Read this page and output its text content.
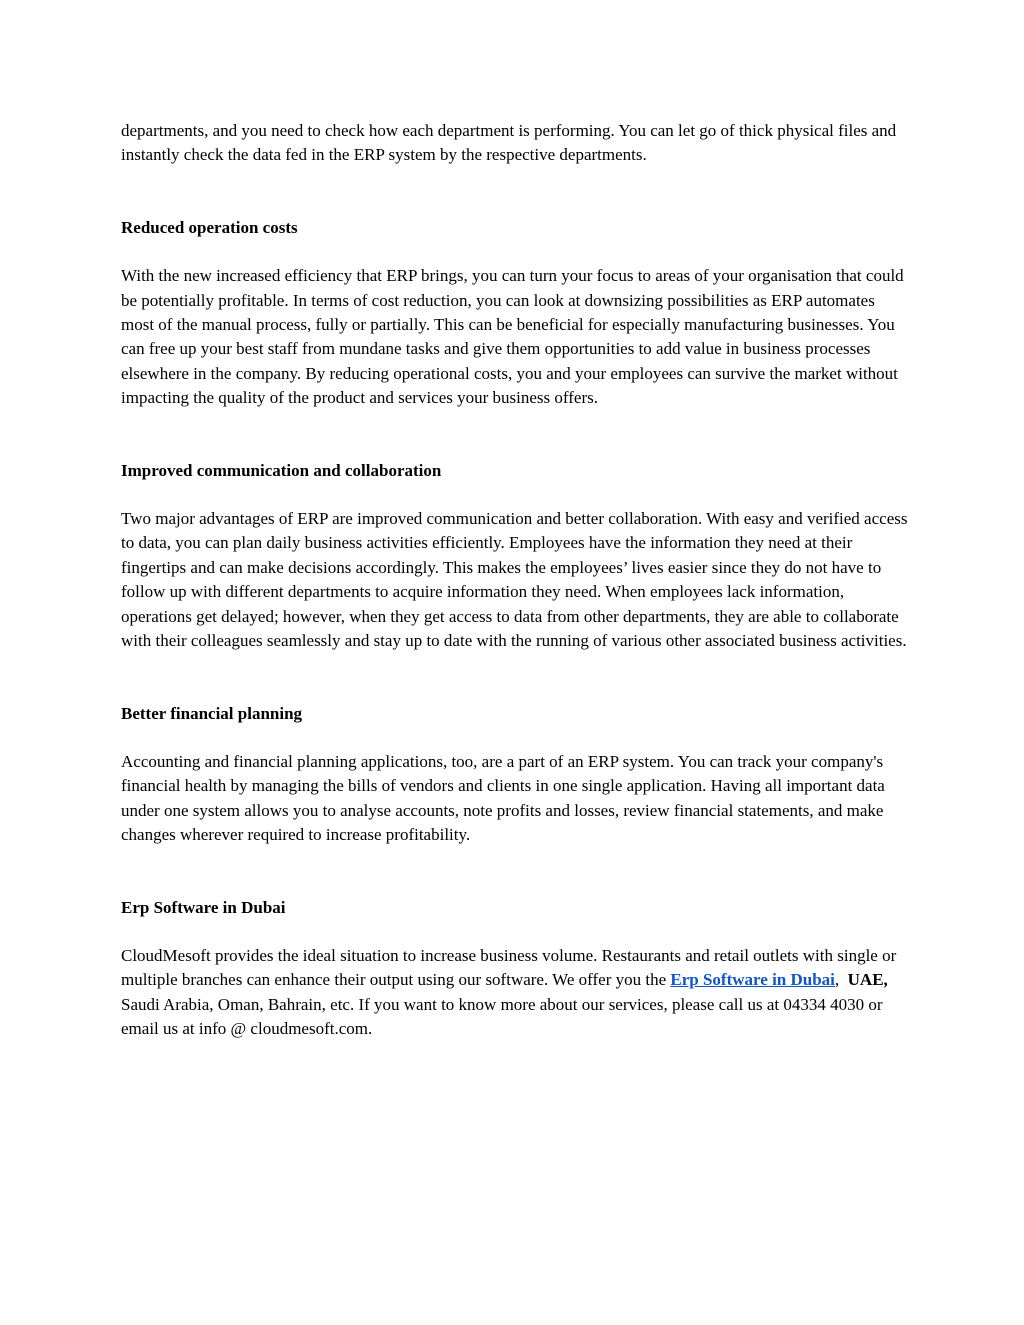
departments, and you need to check how each department is performing. You can let go of thick physical files and instantly check the data fed in the ERP system by the respective departments.

Reduced operation costs

With the new increased efficiency that ERP brings, you can turn your focus to areas of your organisation that could be potentially profitable. In terms of cost reduction, you can look at downsizing possibilities as ERP automates most of the manual process, fully or partially. This can be beneficial for especially manufacturing businesses. You can free up your best staff from mundane tasks and give them opportunities to add value in business processes elsewhere in the company. By reducing operational costs, you and your employees can survive the market without impacting the quality of the product and services your business offers.

Improved communication and collaboration

Two major advantages of ERP are improved communication and better collaboration. With easy and verified access to data, you can plan daily business activities efficiently. Employees have the information they need at their fingertips and can make decisions accordingly. This makes the employees’ lives easier since they do not have to follow up with different departments to acquire information they need. When employees lack information, operations get delayed; however, when they get access to data from other departments, they are able to collaborate with their colleagues seamlessly and stay up to date with the running of various other associated business activities.

Better financial planning

Accounting and financial planning applications, too, are a part of an ERP system. You can track your company's financial health by managing the bills of vendors and clients in one single application. Having all important data under one system allows you to analyse accounts, note profits and losses, review financial statements, and make changes wherever required to increase profitability.

Erp Software in Dubai

CloudMesoft provides the ideal situation to increase business volume. Restaurants and retail outlets with single or multiple branches can enhance their output using our software. We offer you the Erp Software in Dubai, UAE,  Saudi Arabia, Oman, Bahrain, etc. If you want to know more about our services, please call us at 04334 4030 or email us at info @ cloudmesoft.com.
